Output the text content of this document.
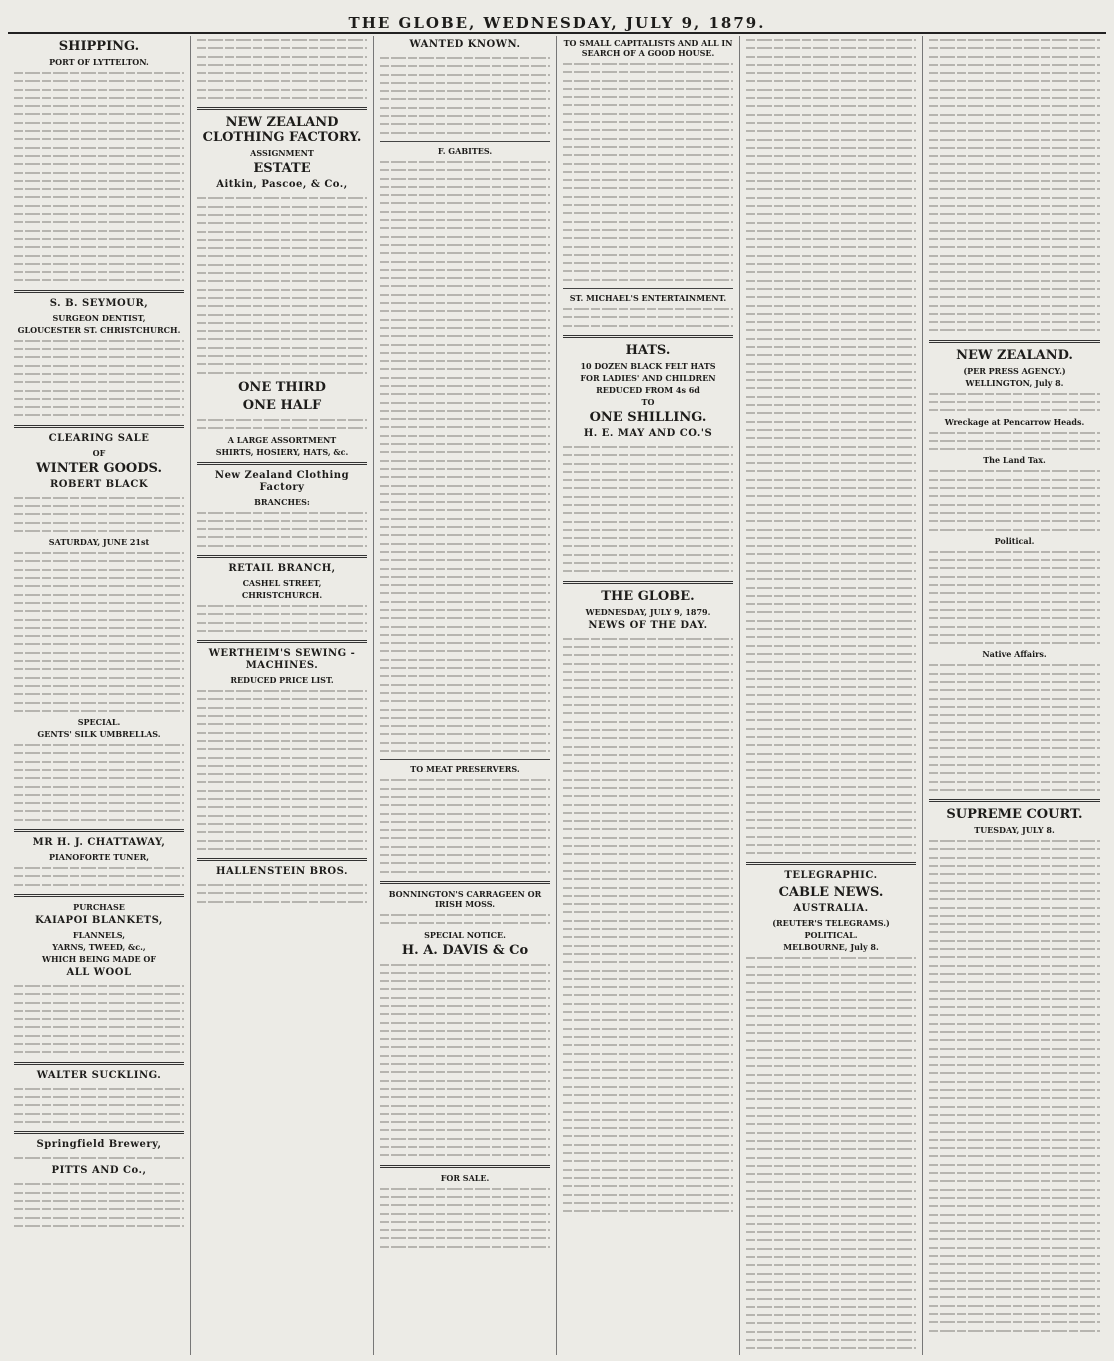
THE GLOBE, WEDNESDAY, JULY 9, 1879.
SHIPPING.
PORT OF LYTTELTON.
S. B. SEYMOUR,
SURGEON DENTIST,
GLOUCESTER ST. CHRISTCHURCH.
CLEARING SALE
OF
WINTER GOODS.
ROBERT BLACK
SATURDAY, JUNE 21st
SPECIAL.
GENTS' SILK UMBRELLAS.
MR H. J. CHATTAWAY,
PIANOFORTE TUNER,
PURCHASE
KAIAPOI BLANKETS,
FLANNELS,
YARNS, TWEED, &c.,
WHICH BEING MADE OF
ALL WOOL
WALTER SUCKLING.
Springfield Brewery,
PITTS AND Co.,
NEW ZEALAND CLOTHING FACTORY.
ASSIGNMENT
ESTATE
Aitkin, Pascoe, & Co.,
ONE THIRD
ONE HALF
A LARGE ASSORTMENT
SHIRTS, HOSIERY, HATS, &c.
New Zealand Clothing Factory
BRANCHES:
RETAIL BRANCH,
CASHEL STREET,
CHRISTCHURCH.
WERTHEIM'S SEWING - MACHINES.
REDUCED PRICE LIST.
HALLENSTEIN BROS.
WANTED KNOWN.
F. GABITES.
TO MEAT PRESERVERS.
BONNINGTON'S CARRAGEEN OR IRISH MOSS.
SPECIAL NOTICE.
H. A. DAVIS & Co
FOR SALE.
TO SMALL CAPITALISTS AND ALL IN SEARCH OF A GOOD HOUSE.
ST. MICHAEL'S ENTERTAINMENT.
HATS.
10 DOZEN BLACK FELT HATS
FOR LADIES' AND CHILDREN
REDUCED FROM 4s 6d
TO
ONE SHILLING.
H. E. MAY AND CO.'S
THE GLOBE.
WEDNESDAY, JULY 9, 1879.
NEWS OF THE DAY.
TELEGRAPHIC.
CABLE NEWS.
AUSTRALIA.
(REUTER'S TELEGRAMS.)
POLITICAL.
MELBOURNE, July 8.
NEW ZEALAND.
(PER PRESS AGENCY.)
WELLINGTON, July 8.
Wreckage at Pencarrow Heads.
The Land Tax.
Political.
Native Affairs.
SUPREME COURT.
TUESDAY, JULY 8.
